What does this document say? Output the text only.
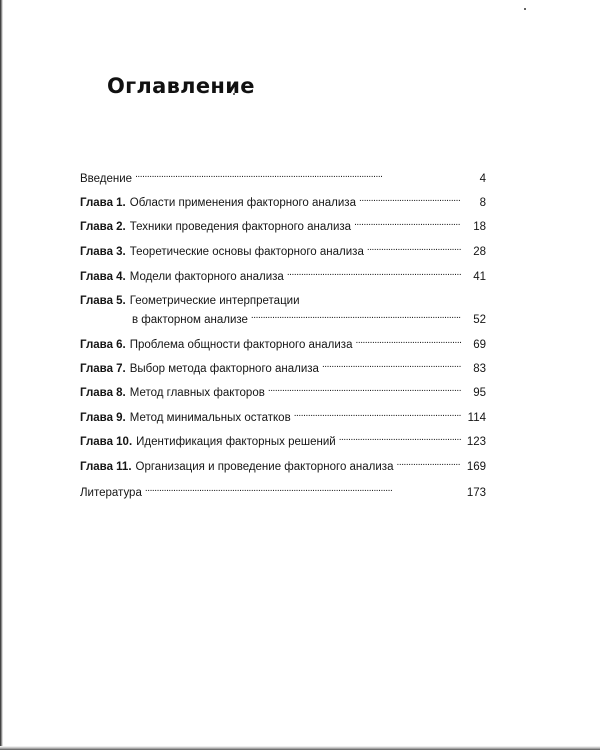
Оглавление
Введение . . .	4
Глава 1. Области применения факторного анализа . . .	8
Глава 2. Техники проведения факторного анализа . . .	18
Глава 3. Теоретические основы факторного анализа . . .	28
Глава 4. Модели факторного анализа . . .	41
Глава 5. Геометрические интерпретации
в факторном анализе . . .	52
Глава 6. Проблема общности факторного анализа . . .	69
Глава 7. Выбор метода факторного анализа . . .	83
Глава 8. Метод главных факторов . . .	95
Глава 9. Метод минимальных остатков . . .	114
Глава 10. Идентификация факторных решений . . .	123
Глава 11. Организация и проведение факторного анализа . . .	169
Литература . . .	173
